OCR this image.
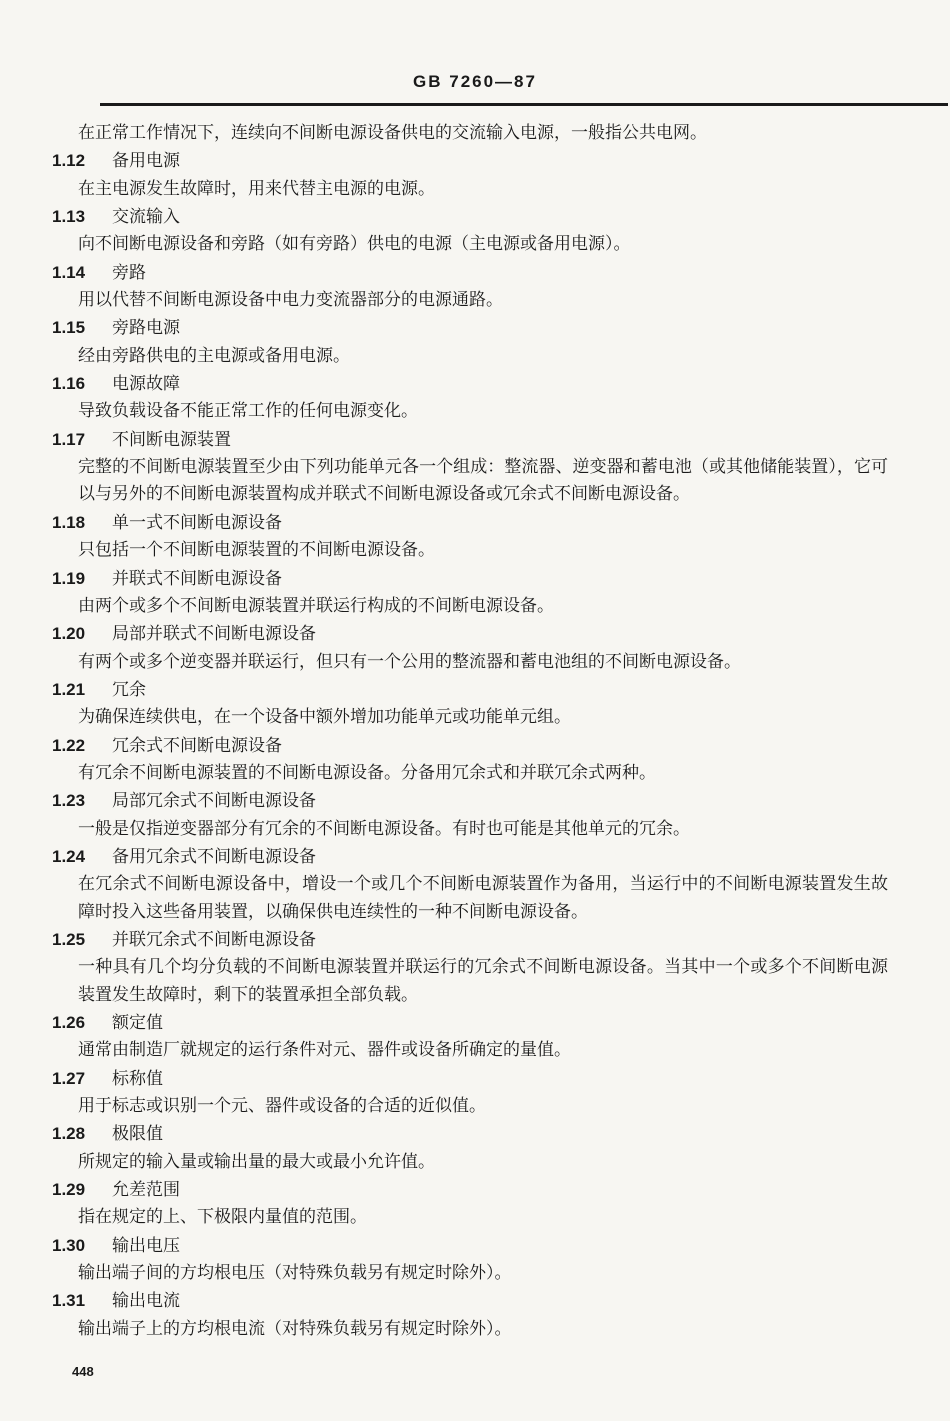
GB 7260—87
在正常工作情况下，连续向不间断电源设备供电的交流输入电源，一般指公共电网。
1.12 备用电源
在主电源发生故障时，用来代替主电源的电源。
1.13 交流输入
向不间断电源设备和旁路（如有旁路）供电的电源（主电源或备用电源）。
1.14 旁路
用以代替不间断电源设备中电力变流器部分的电源通路。
1.15 旁路电源
经由旁路供电的主电源或备用电源。
1.16 电源故障
导致负载设备不能正常工作的任何电源变化。
1.17 不间断电源装置
完整的不间断电源装置至少由下列功能单元各一个组成：整流器、逆变器和蓄电池（或其他储能装置），它可以与另外的不间断电源装置构成并联式不间断电源设备或冗余式不间断电源设备。
1.18 单一式不间断电源设备
只包括一个不间断电源装置的不间断电源设备。
1.19 并联式不间断电源设备
由两个或多个不间断电源装置并联运行构成的不间断电源设备。
1.20 局部并联式不间断电源设备
有两个或多个逆变器并联运行，但只有一个公用的整流器和蓄电池组的不间断电源设备。
1.21 冗余
为确保连续供电，在一个设备中额外增加功能单元或功能单元组。
1.22 冗余式不间断电源设备
有冗余不间断电源装置的不间断电源设备。分备用冗余式和并联冗余式两种。
1.23 局部冗余式不间断电源设备
一般是仅指逆变器部分有冗余的不间断电源设备。有时也可能是其他单元的冗余。
1.24 备用冗余式不间断电源设备
在冗余式不间断电源设备中，增设一个或几个不间断电源装置作为备用，当运行中的不间断电源装置发生故障时投入这些备用装置，以确保供电连续性的一种不间断电源设备。
1.25 并联冗余式不间断电源设备
一种具有几个均分负载的不间断电源装置并联运行的冗余式不间断电源设备。当其中一个或多个不间断电源装置发生故障时，剩下的装置承担全部负载。
1.26 额定值
通常由制造厂就规定的运行条件对元、器件或设备所确定的量值。
1.27 标称值
用于标志或识别一个元、器件或设备的合适的近似值。
1.28 极限值
所规定的输入量或输出量的最大或最小允许值。
1.29 允差范围
指在规定的上、下极限内量值的范围。
1.30 输出电压
输出端子间的方均根电压（对特殊负载另有规定时除外）。
1.31 输出电流
输出端子上的方均根电流（对特殊负载另有规定时除外）。
448
